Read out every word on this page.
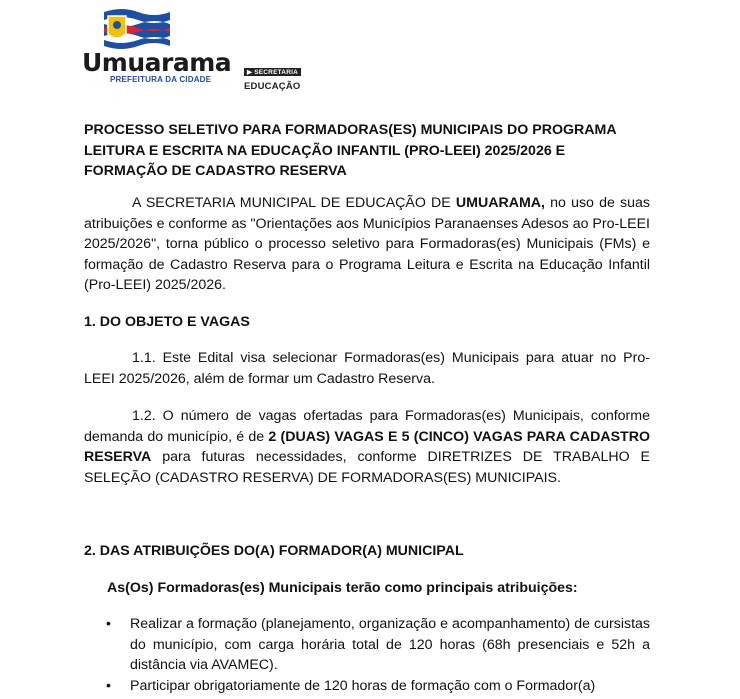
Umuarama
PREFEITURA DA CIDADE
▶ SECRETARIA
EDUCAÇÃO
PROCESSO SELETIVO PARA FORMADORAS(ES) MUNICIPAIS DO PROGRAMA LEITURA E ESCRITA NA EDUCAÇÃO INFANTIL (PRO-LEEI) 2025/2026 E FORMAÇÃO DE CADASTRO RESERVA
A SECRETARIA MUNICIPAL DE EDUCAÇÃO DE UMUARAMA, no uso de suas atribuições e conforme as "Orientações aos Municípios Paranaenses Adesos ao Pro-LEEI 2025/2026", torna público o processo seletivo para Formadoras(es) Municipais (FMs) e formação de Cadastro Reserva para o Programa Leitura e Escrita na Educação Infantil (Pro-LEEI) 2025/2026.
1. DO OBJETO E VAGAS
1.1. Este Edital visa selecionar Formadoras(es) Municipais para atuar no Pro-LEEI 2025/2026, além de formar um Cadastro Reserva.
1.2. O número de vagas ofertadas para Formadoras(es) Municipais, conforme demanda do município, é de 2 (DUAS) VAGAS E 5 (CINCO) VAGAS PARA CADASTRO RESERVA para futuras necessidades, conforme DIRETRIZES DE TRABALHO E SELEÇÃO (CADASTRO RESERVA) DE FORMADORAS(ES) MUNICIPAIS.
2. DAS ATRIBUIÇÕES DO(A) FORMADOR(A) MUNICIPAL
As(Os) Formadoras(es) Municipais terão como principais atribuições:
• Realizar a formação (planejamento, organização e acompanhamento) de cursistas do município, com carga horária total de 120 horas (68h presenciais e 52h a distância via AVAMEC).
• Participar obrigatoriamente de 120 horas de formação com o Formador(a)
